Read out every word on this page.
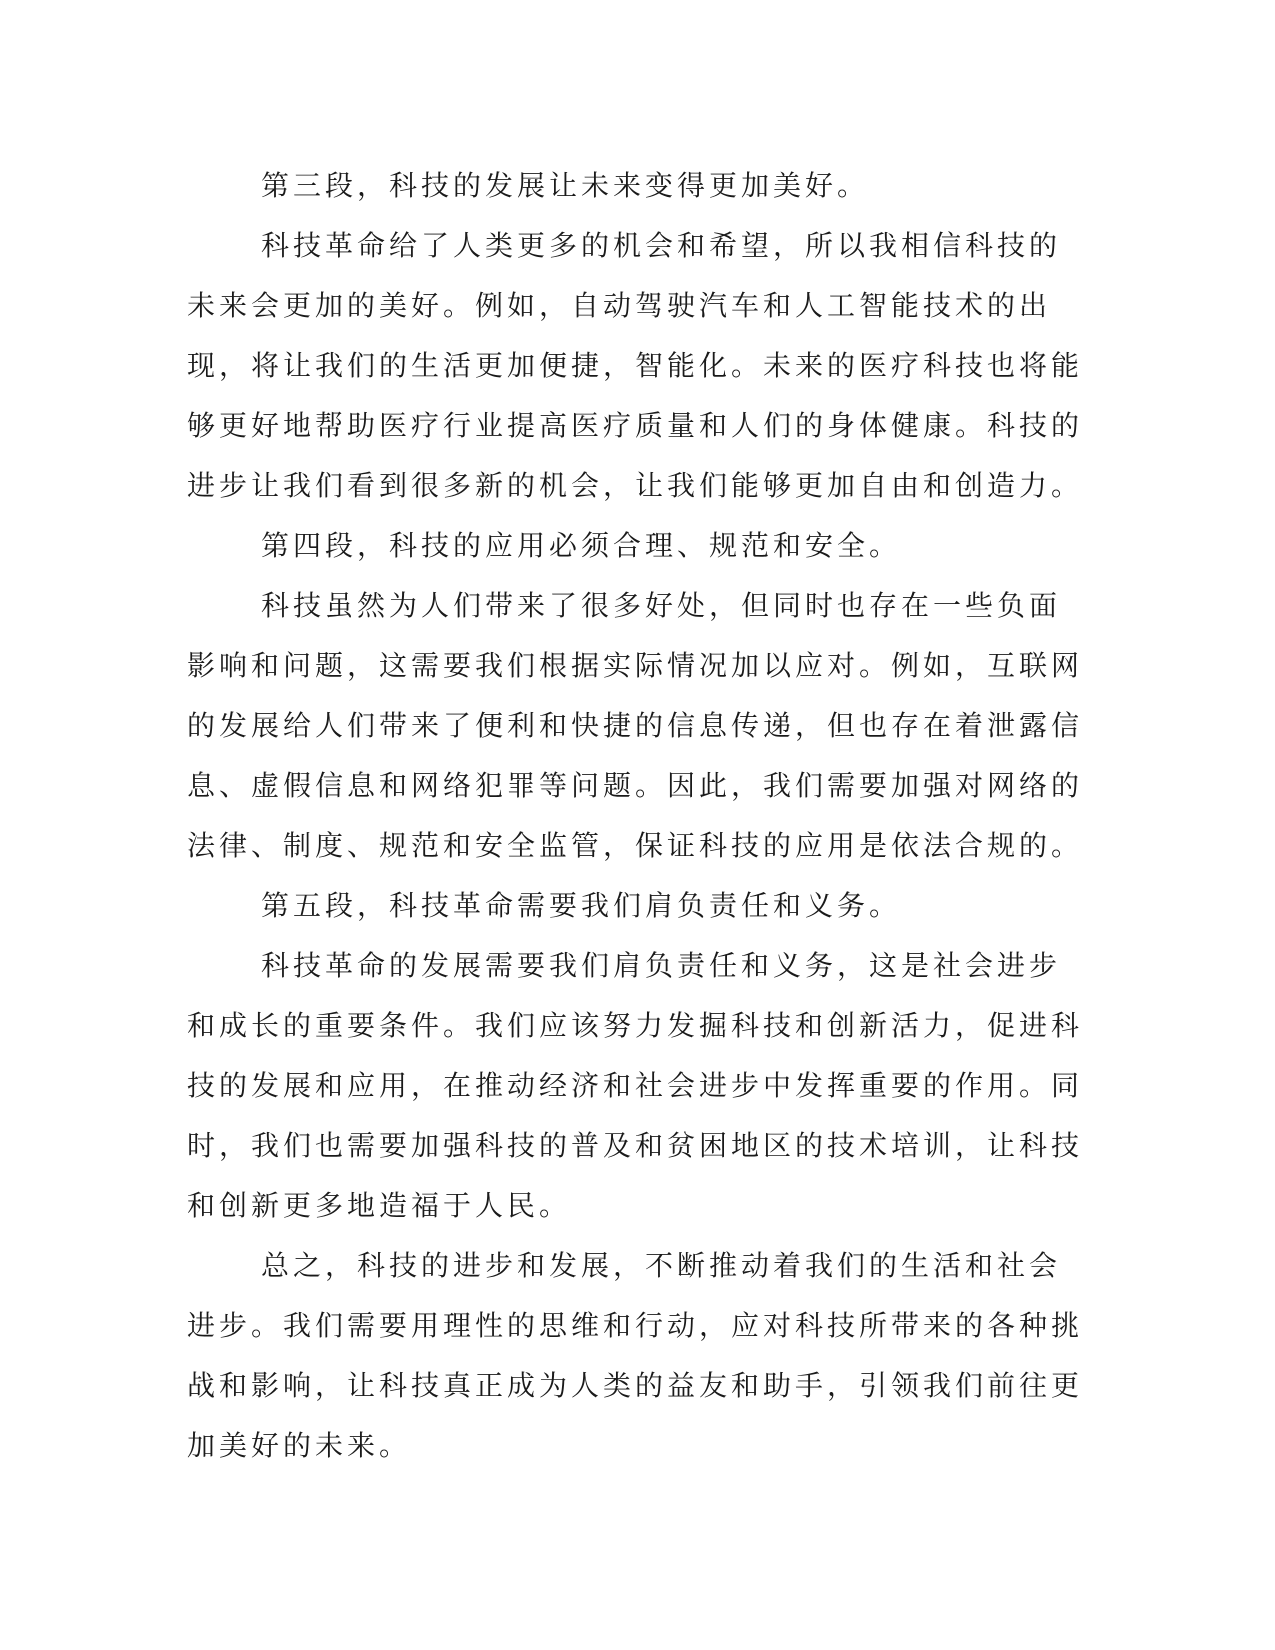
第三段，科技的发展让未来变得更加美好。

科技革命给了人类更多的机会和希望，所以我相信科技的未来会更加的美好。例如，自动驾驶汽车和人工智能技术的出现，将让我们的生活更加便捷，智能化。未来的医疗科技也将能够更好地帮助医疗行业提高医疗质量和人们的身体健康。科技的进步让我们看到很多新的机会，让我们能够更加自由和创造力。

第四段，科技的应用必须合理、规范和安全。

科技虽然为人们带来了很多好处，但同时也存在一些负面影响和问题，这需要我们根据实际情况加以应对。例如，互联网的发展给人们带来了便利和快捷的信息传递，但也存在着泄露信息、虚假信息和网络犯罪等问题。因此，我们需要加强对网络的法律、制度、规范和安全监管，保证科技的应用是依法合规的。

第五段，科技革命需要我们肩负责任和义务。

科技革命的发展需要我们肩负责任和义务，这是社会进步和成长的重要条件。我们应该努力发掘科技和创新活力，促进科技的发展和应用，在推动经济和社会进步中发挥重要的作用。同时，我们也需要加强科技的普及和贫困地区的技术培训，让科技和创新更多地造福于人民。

总之，科技的进步和发展，不断推动着我们的生活和社会进步。我们需要用理性的思维和行动，应对科技所带来的各种挑战和影响，让科技真正成为人类的益友和助手，引领我们前往更加美好的未来。
